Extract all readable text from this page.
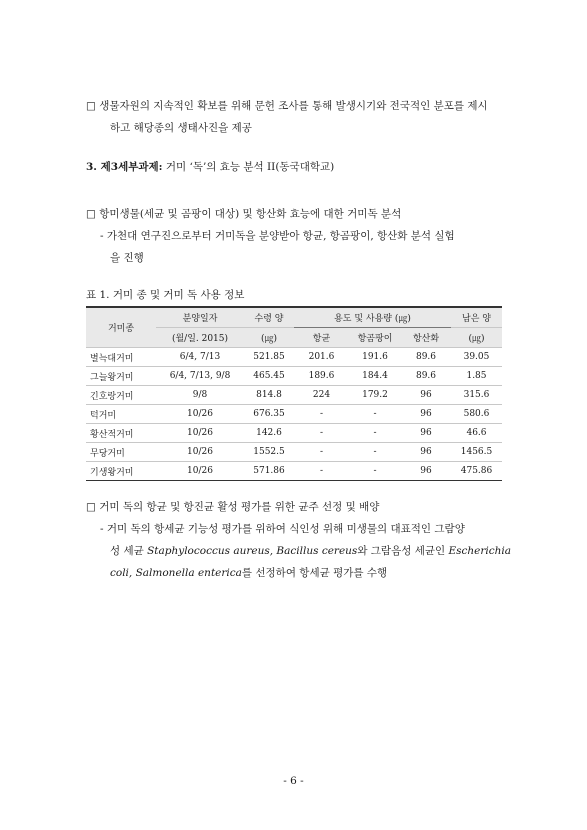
□ 생물자원의 지속적인 확보를 위해 문헌 조사를 통해 발생시기와 전국적인 분포를 제시
하고 해당종의 생태사진을 제공
3. 제3세부과제: 거미 ‘독’의 효능 분석 II(동국대학교)
□ 항미생물(세균 및 곰팡이 대상) 및 항산화 효능에 대한 거미독 분석
- 가천대 연구진으로부터 거미독을 분양받아 항균, 항곰팡이, 항산화 분석 실험
을 진행
표 1. 거미 종 및 거미 독 사용 정보
거미종	분양일자	수령 양	용도 및 사용량 (㎍)			남은 양
	(월/일. 2015)	(㎍)	항균	항곰팡이	항산화	(㎍)
별늑대거미	6/4, 7/13	521.85	201.6	191.6	89.6	39.05
그늘왕거미	6/4, 7/13, 9/8	465.45	189.6	184.4	89.6	1.85
긴호랑거미	9/8	814.8	224	179.2	96	315.6
턱거미	10/26	676.35	-	-	96	580.6
황산적거미	10/26	142.6	-	-	96	46.6
무당거미	10/26	1552.5	-	-	96	1456.5
기생왕거미	10/26	571.86	-	-	96	475.86
□ 거미 독의 항균 및 항진균 활성 평가를 위한 균주 선정 및 배양
- 거미 독의 항세균 기능성 평가를 위하여 식인성 위해 미생물의 대표적인 그람양
성 세균 Staphylococcus aureus, Bacillus cereus와 그람음성 세균인 Escherichia
coli, Salmonella enterica를 선정하여 항세균 평가를 수행
- 6 -
